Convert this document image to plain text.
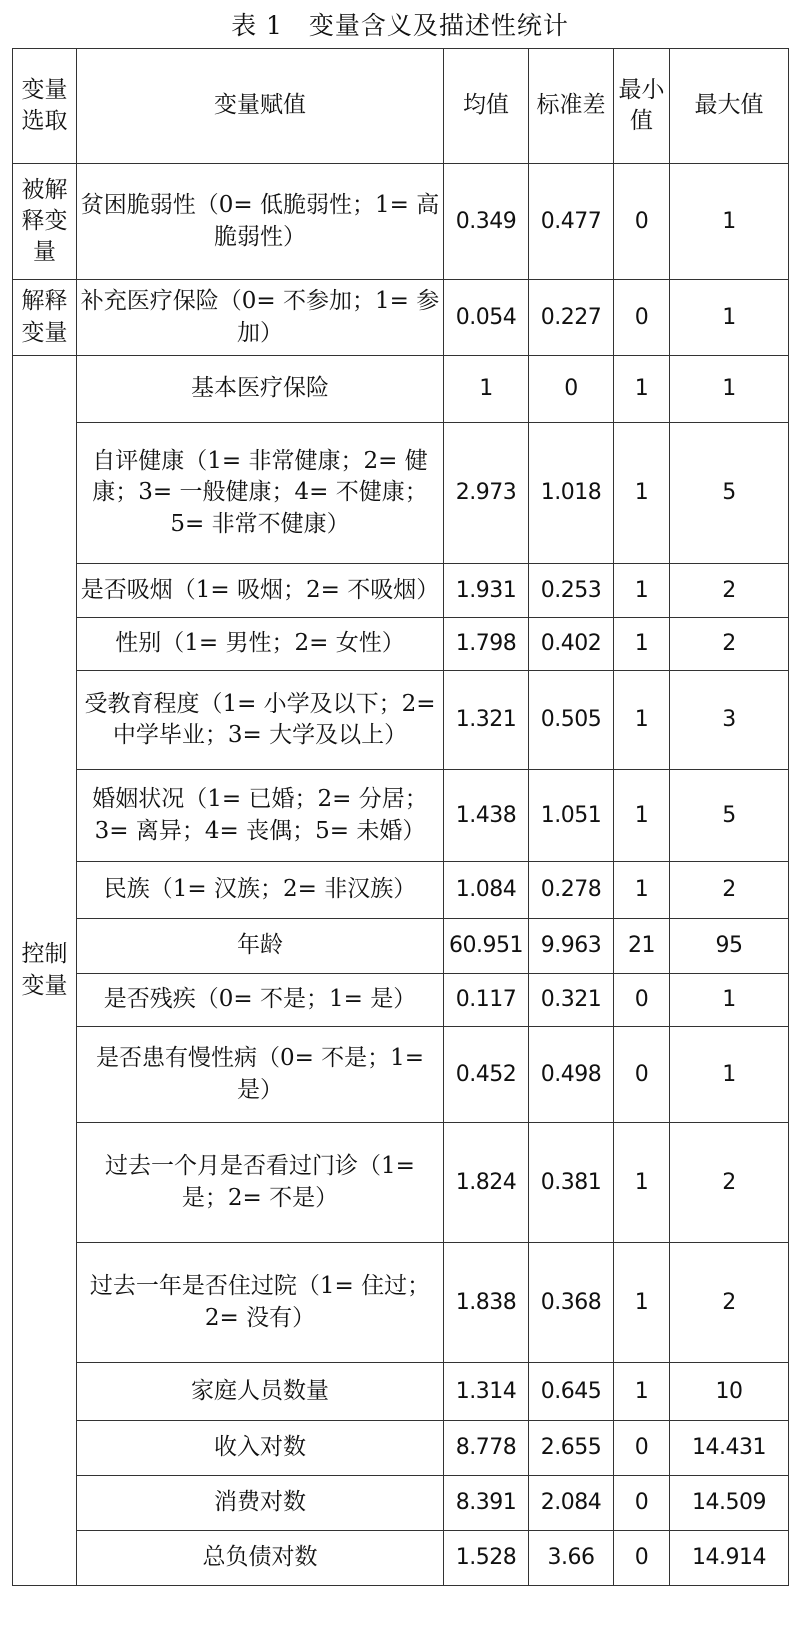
表 1　变量含义及描述性统计
变量选取	变量赋值	均值	标准差	最小值	最大值
被解释变量	贫困脆弱性（0= 低脆弱性；1= 高脆弱性）	0.349	0.477	0	1
解释变量	补充医疗保险（0= 不参加；1= 参加）	0.054	0.227	0	1
控制变量	基本医疗保险	1	0	1	1
	自评健康（1= 非常健康；2= 健康；3= 一般健康；4= 不健康；5= 非常不健康）	2.973	1.018	1	5
	是否吸烟（1= 吸烟；2= 不吸烟）	1.931	0.253	1	2
	性别（1= 男性；2= 女性）	1.798	0.402	1	2
	受教育程度（1= 小学及以下；2= 中学毕业；3= 大学及以上）	1.321	0.505	1	3
	婚姻状况（1= 已婚；2= 分居；3= 离异；4= 丧偶；5= 未婚）	1.438	1.051	1	5
	民族（1= 汉族；2= 非汉族）	1.084	0.278	1	2
	年龄	60.951	9.963	21	95
	是否残疾（0= 不是；1= 是）	0.117	0.321	0	1
	是否患有慢性病（0= 不是；1= 是）	0.452	0.498	0	1
	过去一个月是否看过门诊（1= 是；2= 不是）	1.824	0.381	1	2
	过去一年是否住过院（1= 住过；2= 没有）	1.838	0.368	1	2
	家庭人员数量	1.314	0.645	1	10
	收入对数	8.778	2.655	0	14.431
	消费对数	8.391	2.084	0	14.509
	总负债对数	1.528	3.66	0	14.914
